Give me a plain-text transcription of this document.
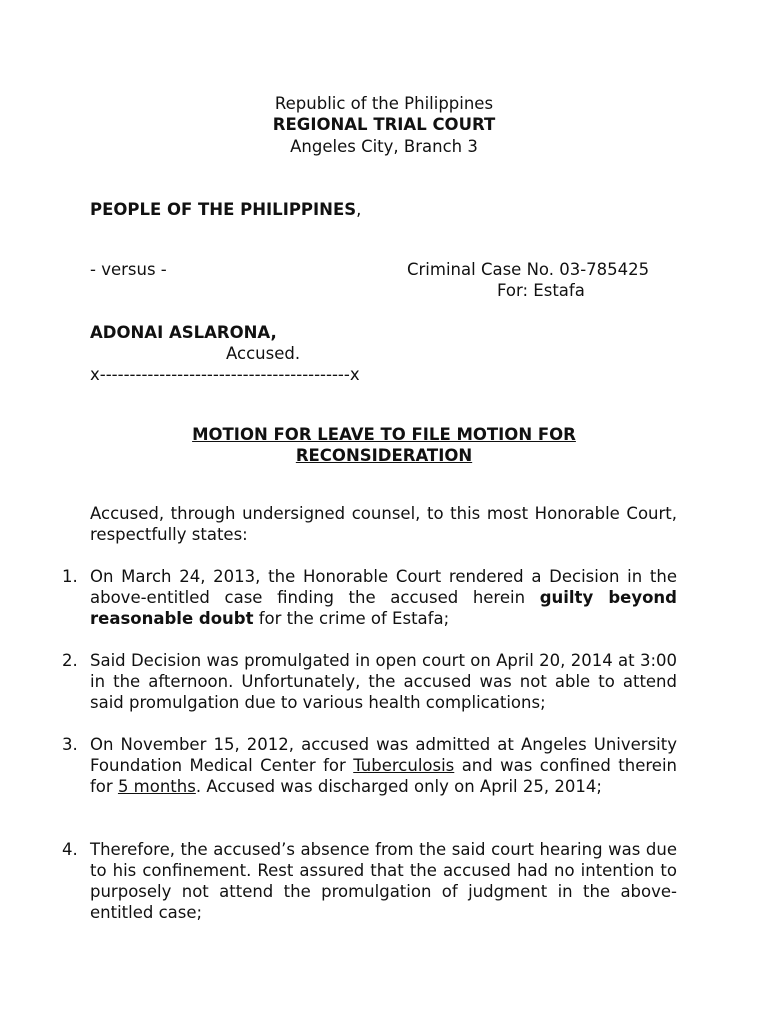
Republic of the Philippines
REGIONAL TRIAL COURT
Angeles City, Branch 3
PEOPLE OF THE PHILIPPINES,
- versus -	Criminal Case No. 03-785425
For: Estafa
ADONAI ASLARONA,
Accused.
x------------------------------------------x
MOTION FOR LEAVE TO FILE MOTION FOR
RECONSIDERATION
Accused, through undersigned counsel, to this most Honorable Court, respectfully states:
1. On March 24, 2013, the Honorable Court rendered a Decision in the above-entitled case finding the accused herein guilty beyond reasonable doubt for the crime of Estafa;
2. Said Decision was promulgated in open court on April 20, 2014 at 3:00 in the afternoon. Unfortunately, the accused was not able to attend said promulgation due to various health complications;
3. On November 15, 2012, accused was admitted at Angeles University Foundation Medical Center for Tuberculosis and was confined therein for 5 months. Accused was discharged only on April 25, 2014;
4. Therefore, the accused’s absence from the said court hearing was due to his confinement. Rest assured that the accused had no intention to purposely not attend the promulgation of judgment in the above-entitled case;
